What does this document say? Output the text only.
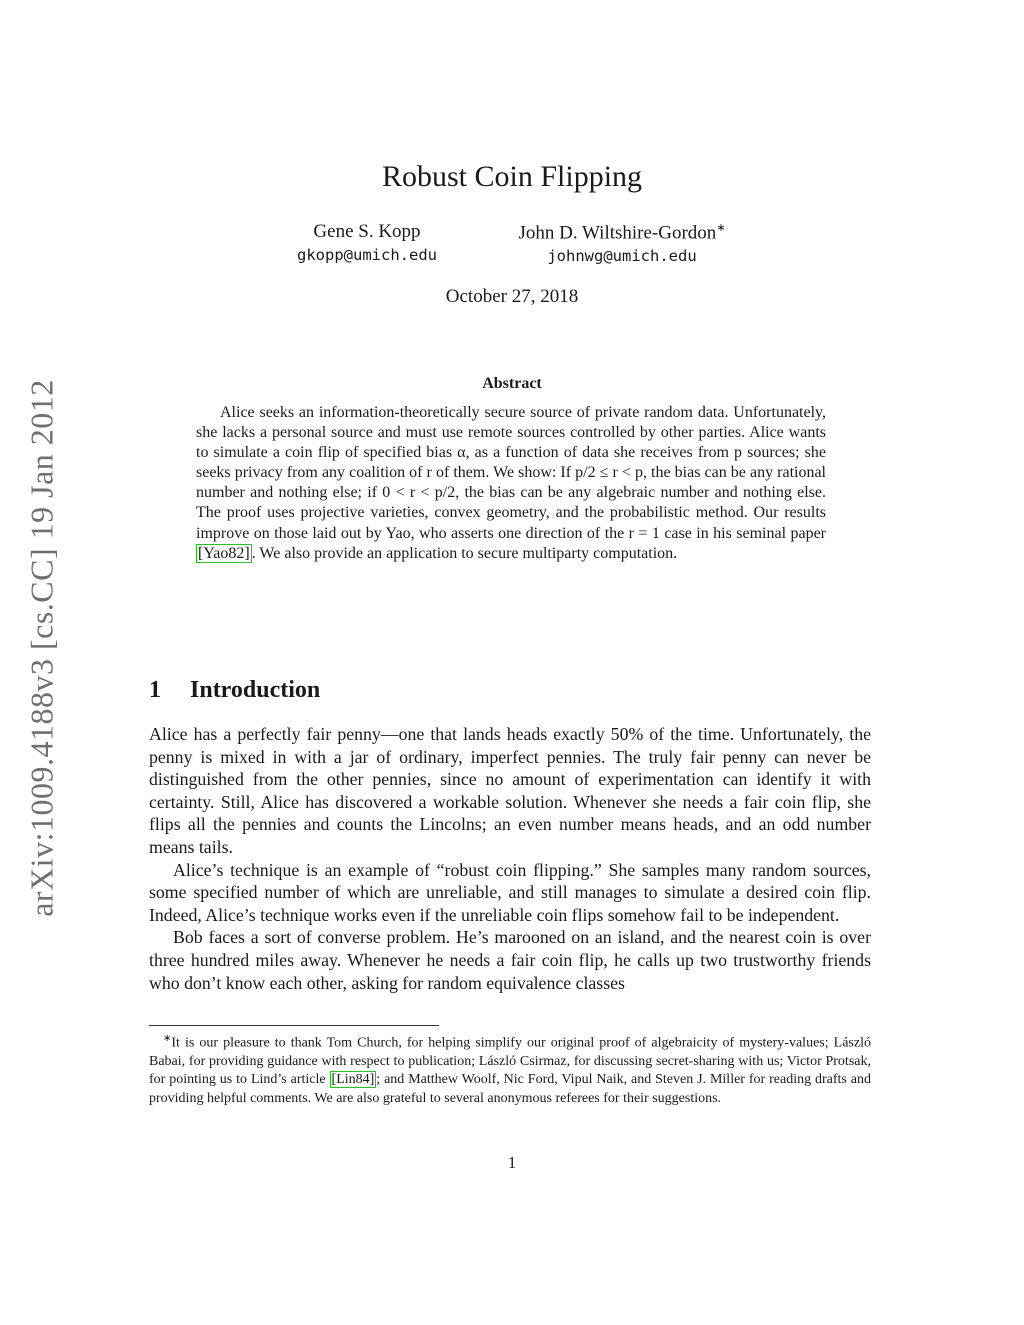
arXiv:1009.4188v3 [cs.CC] 19 Jan 2012
Robust Coin Flipping
Gene S. Kopp
gkopp@umich.edu
John D. Wiltshire-Gordon∗
johnwg@umich.edu
October 27, 2018
Abstract

Alice seeks an information-theoretically secure source of private random data. Unfortunately, she lacks a personal source and must use remote sources controlled by other parties. Alice wants to simulate a coin flip of specified bias α, as a function of data she receives from p sources; she seeks privacy from any coalition of r of them. We show: If p/2 ≤ r < p, the bias can be any rational number and nothing else; if 0 < r < p/2, the bias can be any algebraic number and nothing else. The proof uses projective varieties, convex geometry, and the probabilistic method. Our results improve on those laid out by Yao, who asserts one direction of the r = 1 case in his seminal paper [Yao82] . We also provide an application to secure multiparty computation.

1 Introduction

Alice has a perfectly fair penny—one that lands heads exactly 50% of the time. Unfortunately, the penny is mixed in with a jar of ordinary, imperfect pennies. The truly fair penny can never be distinguished from the other pennies, since no amount of experimentation can identify it with certainty. Still, Alice has discovered a workable solution. Whenever she needs a fair coin flip, she flips all the pennies and counts the Lincolns; an even number means heads, and an odd number means tails.

Alice’s technique is an example of “robust coin flipping.” She samples many random sources, some specified number of which are unreliable, and still manages to simulate a desired coin flip. Indeed, Alice’s technique works even if the unreliable coin flips somehow fail to be independent.

Bob faces a sort of converse problem. He’s marooned on an island, and the nearest coin is over three hundred miles away. Whenever he needs a fair coin flip, he calls up two trustworthy friends who don’t know each other, asking for random equivalence classes

∗It is our pleasure to thank Tom Church, for helping simplify our original proof of algebraicity of mystery-values; László Babai, for providing guidance with respect to publication; László Csirmaz, for discussing secret-sharing with us; Victor Protsak, for pointing us to Lind’s article [Lin84] ; and Matthew Woolf, Nic Ford, Vipul Naik, and Steven J. Miller for reading drafts and providing helpful comments. We are also grateful to several anonymous referees for their suggestions.

1
